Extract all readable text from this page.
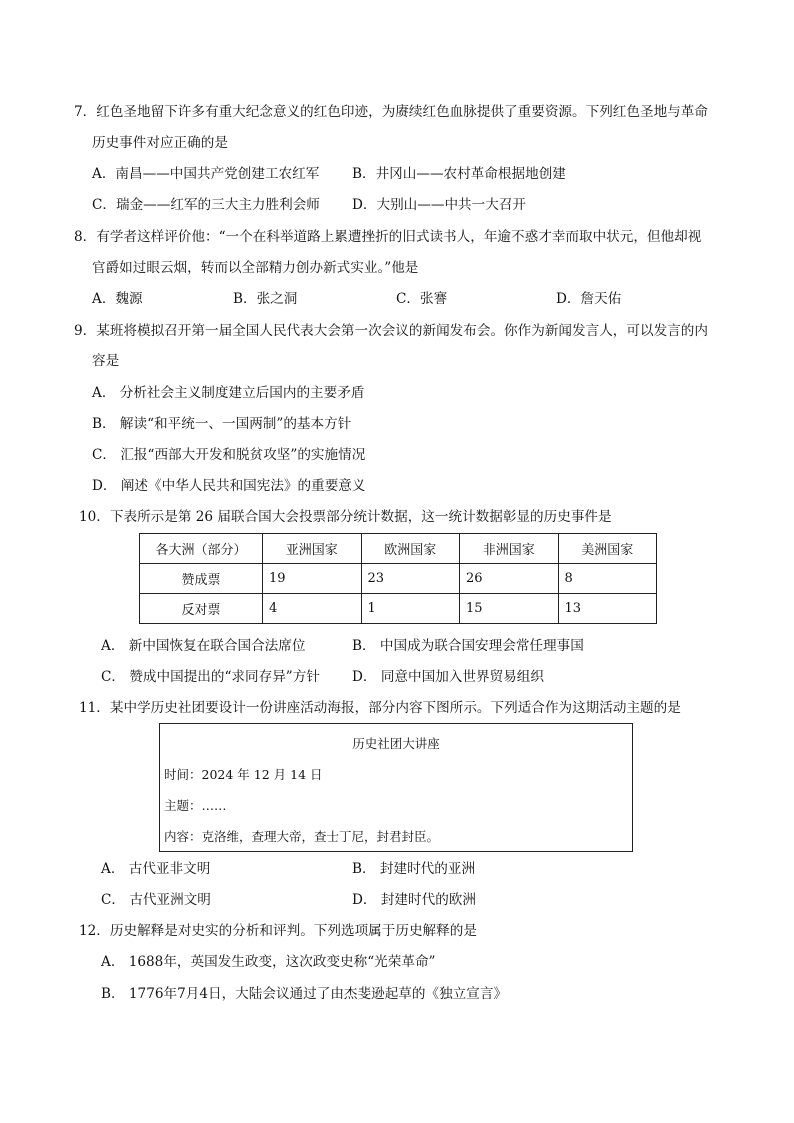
7．红色圣地留下许多有重大纪念意义的红色印迹，为赓续红色血脉提供了重要资源。下列红色圣地与革命
历史事件对应正确的是
A．南昌——中国共产党创建工农红军 B．井冈山——农村革命根据地创建
C．瑞金——红军的三大主力胜利会师 D．大别山——中共一大召开
8．有学者这样评价他：“一个在科举道路上累遭挫折的旧式读书人，年逾不惑才幸而取中状元，但他却视
官爵如过眼云烟，转而以全部精力创办新式实业。”他是
A．魏源	B．张之洞	C．张謇	D．詹天佑
9．某班将模拟召开第一届全国人民代表大会第一次会议的新闻发布会。你作为新闻发言人，可以发言的内
容是
A． 分析社会主义制度建立后国内的主要矛盾
B． 解读“和平统一、一国两制”的基本方针
C． 汇报“西部大开发和脱贫攻坚”的实施情况
D． 阐述《中华人民共和国宪法》的重要意义
10．下表所示是第 26 届联合国大会投票部分统计数据，这一统计数据彰显的历史事件是
各大洲（部分）	亚洲国家	欧洲国家	非洲国家	美洲国家
赞成票	19	23	26	8
反对票	4	1	15	13
A． 新中国恢复在联合国合法席位	B． 中国成为联合国安理会常任理事国
C． 赞成中国提出的“求同存异”方针 D． 同意中国加入世界贸易组织
11．某中学历史社团要设计一份讲座活动海报，部分内容下图所示。下列适合作为这期活动主题的是
历史社团大讲座
时间：2024 年 12 月 14 日
主题：……
内容：克洛维，查理大帝，查士丁尼，封君封臣。
A． 古代亚非文明	B． 封建时代的亚洲
C． 古代亚洲文明	D． 封建时代的欧洲
12．历史解释是对史实的分析和评判。下列选项属于历史解释的是
A． 1688年，英国发生政变，这次政变史称“光荣革命”
B． 1776年7月4日，大陆会议通过了由杰斐逊起草的《独立宣言》
